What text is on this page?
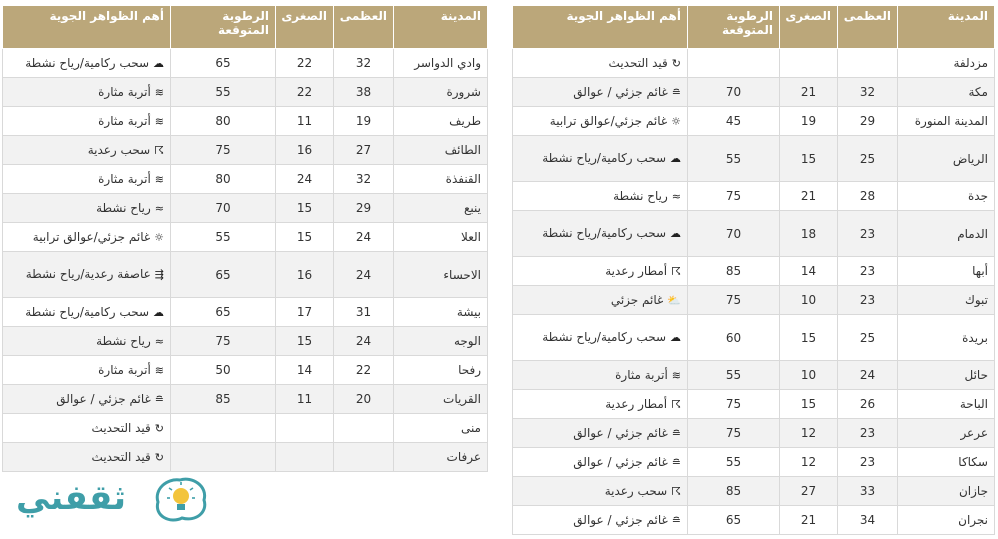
المدينة	العظمى	الصغرى	الرطوبة المتوقعة	أهم الظواهر الجوية
مزدلفة				↻قيد التحديث
مكة	32	21	70	≘غائم جزئي / عوالق
المدينة المنورة	29	19	45	☼غائم جزئي/عوالق ترابية
الرياض	25	15	55	☁سحب ركامية/رياح نشطة
جدة	28	21	75	≈رياح نشطة
الدمام	23	18	70	☁سحب ركامية/رياح نشطة
أبها	23	14	85	☈أمطار رعدية
تبوك	23	10	75	⛅غائم جزئي
بريدة	25	15	60	☁سحب ركامية/رياح نشطة
حائل	24	10	55	≋أتربة مثارة
الباحة	26	15	75	☈أمطار رعدية
عرعر	23	12	75	≘غائم جزئي / عوالق
سكاكا	23	12	55	≘غائم جزئي / عوالق
جازان	33	27	85	☈سحب رعدية
نجران	34	21	65	≘غائم جزئي / عوالق
المدينة	العظمى	الصغرى	الرطوبة المتوقعة	أهم الظواهر الجوية
وادي الدواسر	32	22	65	☁سحب ركامية/رياح نشطة
شرورة	38	22	55	≋أتربة مثارة
طريف	19	11	80	≋أتربة مثارة
الطائف	27	16	75	☈سحب رعدية
القنفذة	32	24	80	≋أتربة مثارة
ينبع	29	15	70	≈رياح نشطة
العلا	24	15	55	☼غائم جزئي/عوالق ترابية
الاحساء	24	16	65	⇶عاصفة رعدية/رياح نشطة
بيشة	31	17	65	☁سحب ركامية/رياح نشطة
الوجه	24	15	75	≈رياح نشطة
رفحا	22	14	50	≋أتربة مثارة
القريات	20	11	85	≘غائم جزئي / عوالق
منى				↻قيد التحديث
عرفات				↻قيد التحديث
ثقفني
